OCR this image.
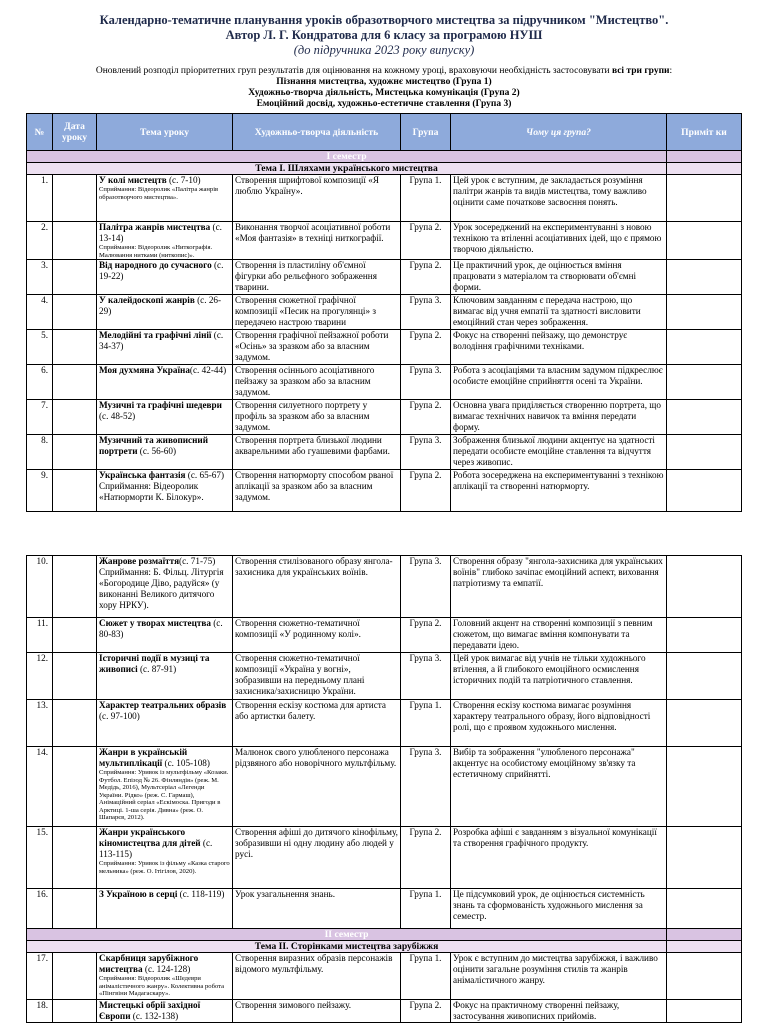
Календарно-тематичне планування уроків образотворчого мистецтва за підручником "Мистецтво".
Автор Л. Г. Кондратова для 6 класу за програмою НУШ
(до підручника 2023 року випуску)
Оновлений розподіл пріоритетних груп результатів для оцінювання на кожному уроці, враховуючи необхідність застосовувати всі три групи:
Пізнання мистецтва, художнє мистецтво (Група 1)
Художньо-творча діяльність, Мистецька комунікація (Група 2)
Емоційний досвід, художньо-естетичне ставлення (Група 3)
№	Дата уроку	Тема уроку	Художньо-творча діяльність	Група	Чому ця група?	Приміт ки
І семестр						
Тема І. Шляхами українського мистецтва						
1.		У колі мистецтв (с. 7-10)
Сприймання: Відеоролик «Палітра жанрів образотворчого мистецтва».	Створення шрифтової композиції «Я люблю Україну».	Група 1.	Цей урок є вступним, де закладається розуміння палітри жанрів та видів мистецтва, тому важливо оцінити саме початкове засвоєння понять.	
2.		Палітра жанрів мистецтва (с. 13-14)
Сприймання: Відеоролик «Ниткографія. Малювання нитками (ниткопис)».	Виконання творчої асоціативної роботи «Моя фантазія» в техніці ниткографії.	Група 2.	Урок зосереджений на експериментуванні з новою технікою та втіленні асоціативних ідей, що є прямою творчою діяльністю.	
3.		Від народного до сучасного (с. 19-22)	Створення із пластиліну об'ємної фігурки або рельєфного зображення тварини.	Група 2.	Це практичний урок, де оцінюється вміння працювати з матеріалом та створювати об'ємні форми.	
4.		У калейдоскопі жанрів (с. 26-29)	Створення сюжетної графічної композиції «Песик на прогулянці» з передачею настрою тварини	Група 3.	Ключовим завданням є передача настрою, що вимагає від учня емпатії та здатності висловити емоційний стан через зображення.	
5.		Мелодійні та графічні лінії (с. 34-37)	Створення графічної пейзажної роботи «Осінь» за зразком або за власним задумом.	Група 2.	Фокус на створенні пейзажу, що демонструє володіння графічними техніками.	
6.		Моя духмяна Україна(с. 42-44)	Створення осіннього асоціативного пейзажу за зразком або за власним задумом.	Група 3.	Робота з асоціаціями та власним задумом підкреслює особисте емоційне сприйняття осені та України.	
7.		Музичні та графічні шедеври (с. 48-52)	Створення силуетного портрету у профіль за зразком або за власним задумом.	Група 2.	Основна увага приділяється створенню портрета, що вимагає технічних навичок та вміння передати форму.	
8.		Музичний та живописний портрети (с. 56-60)	Створення портрета близької людини акварельними або гуашевими фарбами.	Група 3.	Зображення близької людини акцентує на здатності передати особисте емоційне ставлення та відчуття через живопис.	
9.		Українська фантазія (с. 65-67)
Сприймання: Відеоролик «Натюрморти К. Білокур».	Створення натюрморту способом рваної аплікації за зразком або за власним задумом.	Група 2.	Робота зосереджена на експериментуванні з технікою аплікації та створенні натюрморту.	
10.		Жанрове розмаїття(с. 71-75)
Сприймання: Б. Фільц. Літургія «Богородице Діво, радуйся» (у виконанні Великого дитячого хору НРКУ).	Створення стилізованого образу янгола-захисника для українських воїнів.	Група 3.	Створення образу "янгола-захисника для українських воїнів" глибоко зачіпає емоційний аспект, виховання патріотизму та емпатії.	
11.		Сюжет у творах мистецтва (с. 80-83)	Створення сюжетно-тематичної композиції «У родинному колі».	Група 2.	Головний акцент на створенні композиції з певним сюжетом, що вимагає вміння компонувати та передавати ідею.	
12.		Історичні події в музиці та живописі (с. 87-91)	Створення сюжетно-тематичної композиції «Україна у вогні», зобразивши на передньому плані захисника/захисницю України.	Група 3.	Цей урок вимагає від учнів не тільки художнього втілення, а й глибокого емоційного осмислення історичних подій та патріотичного ставлення.	
13.		Характер театральних образів (с. 97-100)	Створення ескізу костюма для артиста або артистки балету.	Група 1.	Створення ескізу костюма вимагає розуміння характеру театрального образу, його відповідності ролі, що є проявом художнього мислення.	
14.		Жанри в українській мультиплікації (с. 105-108)
Сприймання: Уривок із мультфільму «Козаки. Футбол. Епізод № 26. Фінляндія» (реж. М. Медідь, 2016), Мультсеріал «Легенди України. Рідко» (реж. С. Гармаш), Анімаційний серіал «Ескімоска. Пригоди в Арктиці. 1-ша серія. Дивна» (реж. О. Шапарєв, 2012).	Малюнок свого улюбленого персонажа рідзвяного або новорічного мультфільму.	Група 3.	Вибір та зображення "улюбленого персонажа" акцентує на особистому емоційному зв'язку та естетичному сприйнятті.	
15.		Жанри українського кіномистецтва для дітей (с. 113-115)
Сприймання: Уривок із фільму «Казка старого мельника» (реж. О. Ітігілов, 2020).	Створення афіші до дитячого кінофільму, зобразивши ні одну людину або людей у русі.	Група 2.	Розробка афіші є завданням з візуальної комунікації та створення графічного продукту.	
16.		З Україною в серці (с. 118-119)	Урок узагальнення знань.	Група 1.	Це підсумковий урок, де оцінюється системність знань та сформованість художнього мислення за семестр.	
ІІ семестр						
Тема ІІ. Сторінками мистецтва зарубіжжя						
17.		Скарбниця зарубіжного мистецтва (с. 124-128)
Сприймання: Відеоролик «Шедеври анімалістичного жанру». Колективна робота «Пінгвіни Мадагаскару».	Створення виразних образів персонажів відомого мультфільму.	Група 1.	Урок є вступним до мистецтва зарубіжжя, і важливо оцінити загальне розуміння стилів та жанрів анімалістичного жанру.	
18.		Мистецькі обрії західної Європи (с. 132-138)	Створення зимового пейзажу.	Група 2.	Фокус на практичному створенні пейзажу, застосування живописних прийомів.	
